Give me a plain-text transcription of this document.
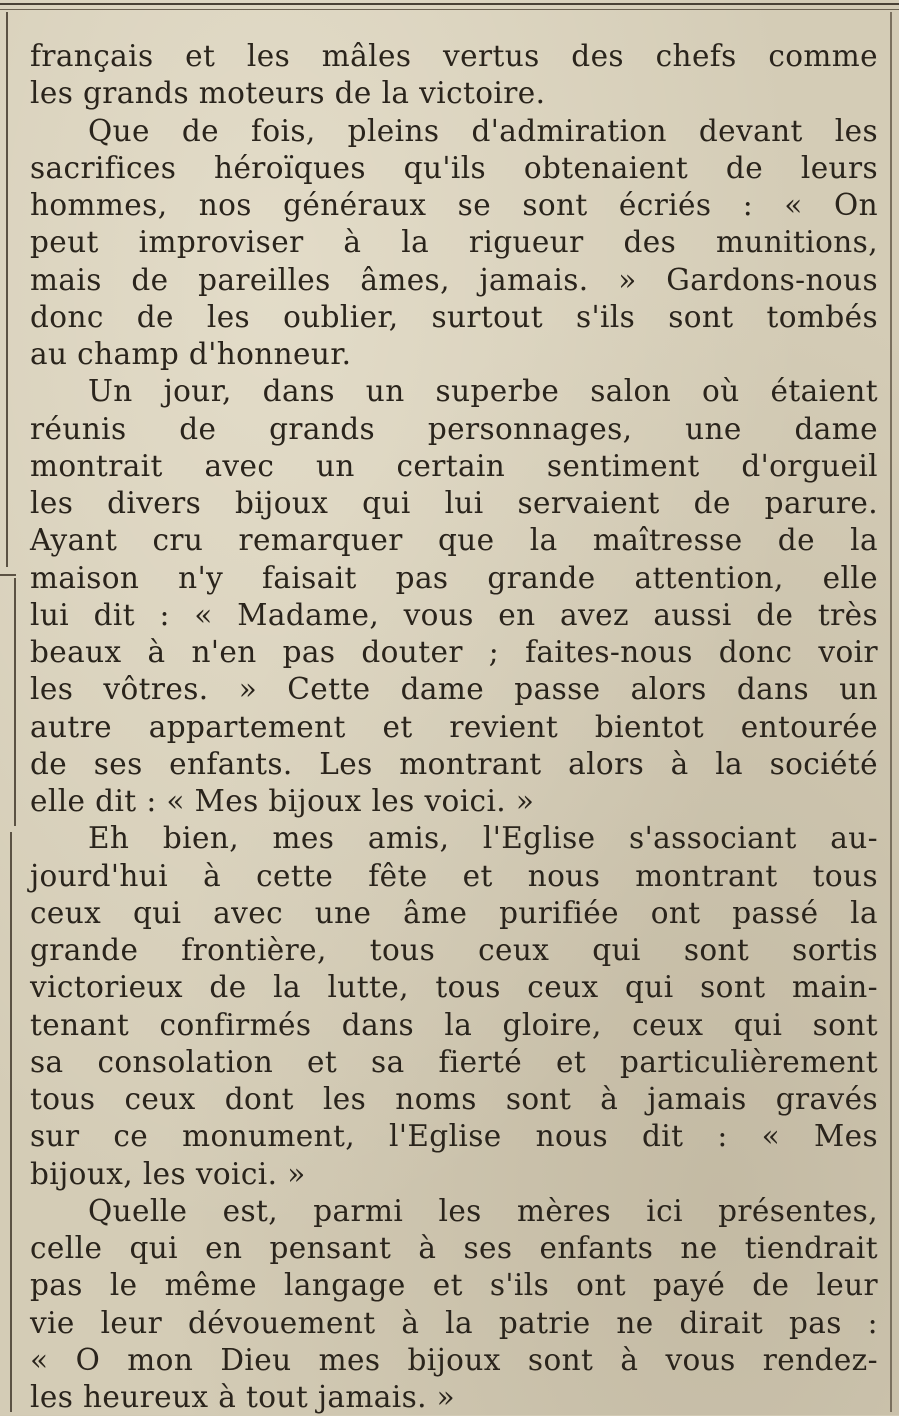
français et les mâles vertus des chefs comme
les grands moteurs de la victoire.
Que de fois, pleins d'admiration devant les
sacrifices héroïques qu'ils obtenaient de leurs
hommes, nos généraux se sont écriés : « On
peut improviser à la rigueur des munitions,
mais de pareilles âmes, jamais. » Gardons-nous
donc de les oublier, surtout s'ils sont tombés
au champ d'honneur.
Un jour, dans un superbe salon où étaient
réunis de grands personnages, une dame
montrait avec un certain sentiment d'orgueil
les divers bijoux qui lui servaient de parure.
Ayant cru remarquer que la maîtresse de la
maison n'y faisait pas grande attention, elle
lui dit : « Madame, vous en avez aussi de très
beaux à n'en pas douter ; faites-nous donc voir
les vôtres. » Cette dame passe alors dans un
autre appartement et revient bientot entourée
de ses enfants. Les montrant alors à la société
elle dit : « Mes bijoux les voici. »
Eh bien, mes amis, l'Eglise s'associant au-
jourd'hui à cette fête et nous montrant tous
ceux qui avec une âme purifiée ont passé la
grande frontière, tous ceux qui sont sortis
victorieux de la lutte, tous ceux qui sont main-
tenant confirmés dans la gloire, ceux qui sont
sa consolation et sa fierté et particulièrement
tous ceux dont les noms sont à jamais gravés
sur ce monument, l'Eglise nous dit : « Mes
bijoux, les voici. »
Quelle est, parmi les mères ici présentes,
celle qui en pensant à ses enfants ne tiendrait
pas le même langage et s'ils ont payé de leur
vie leur dévouement à la patrie ne dirait pas :
« O mon Dieu mes bijoux sont à vous rendez-
les heureux à tout jamais. »
